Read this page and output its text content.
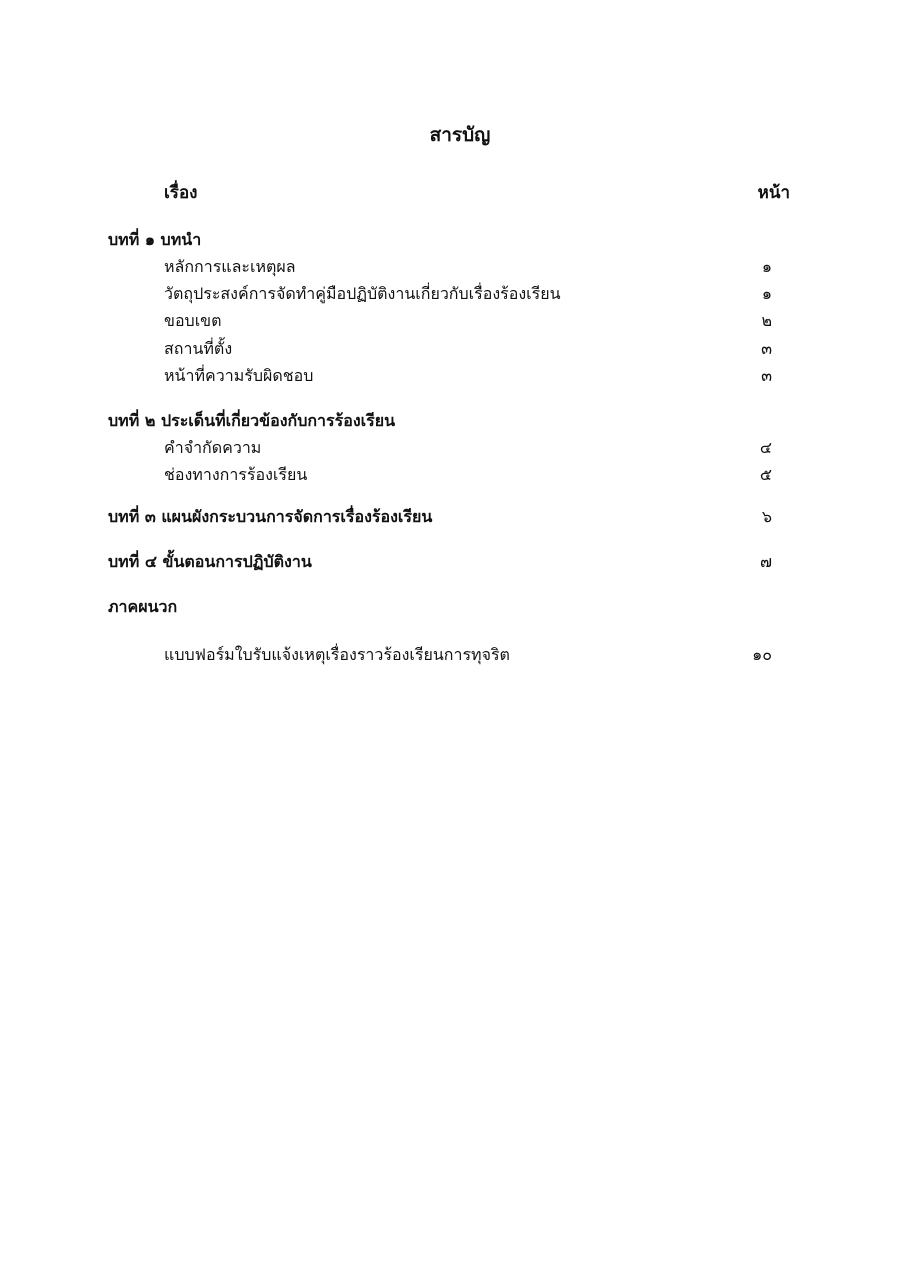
สารบัญ
เรื่อง	หน้า
บทที่ ๑ บทนำ
หลักการและเหตุผล	๑
วัตถุประสงค์การจัดทำคู่มือปฏิบัติงานเกี่ยวกับเรื่องร้องเรียน	๑
ขอบเขต	๒
สถานที่ตั้ง	๓
หน้าที่ความรับผิดชอบ	๓
บทที่ ๒ ประเด็นที่เกี่ยวข้องกับการร้องเรียน
คำจำกัดความ	๔
ช่องทางการร้องเรียน	๕
บทที่ ๓ แผนผังกระบวนการจัดการเรื่องร้องเรียน	๖
บทที่ ๔ ขั้นตอนการปฏิบัติงาน	๗
ภาคผนวก
แบบฟอร์มใบรับแจ้งเหตุเรื่องราวร้องเรียนการทุจริต	๑๐
